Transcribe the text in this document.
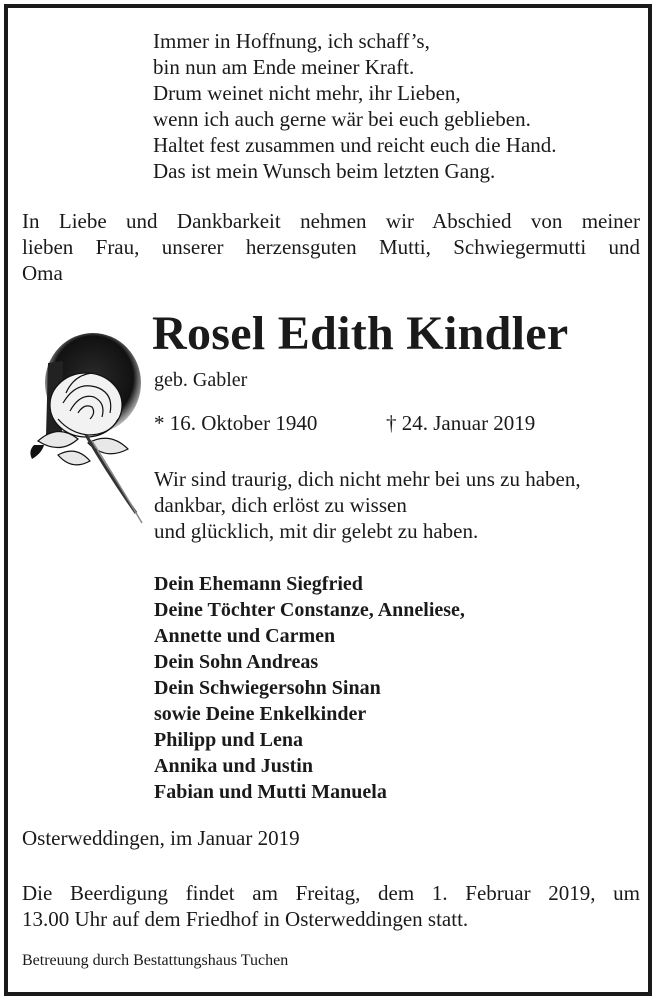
Immer in Hoffnung, ich schaff’s,
bin nun am Ende meiner Kraft.
Drum weinet nicht mehr, ihr Lieben,
wenn ich auch gerne wär bei euch geblieben.
Haltet fest zusammen und reicht euch die Hand.
Das ist mein Wunsch beim letzten Gang.
In Liebe und Dankbarkeit nehmen wir Abschied von meiner
lieben Frau, unserer herzensguten Mutti, Schwiegermutti und
Oma
Rosel Edith Kindler
geb. Gabler
* 16. Oktober 1940	† 24. Januar 2019
Wir sind traurig, dich nicht mehr bei uns zu haben,
dankbar, dich erlöst zu wissen
und glücklich, mit dir gelebt zu haben.
Dein Ehemann Siegfried
Deine Töchter Constanze, Anneliese,
Annette und Carmen
Dein Sohn Andreas
Dein Schwiegersohn Sinan
sowie Deine Enkelkinder
Philipp und Lena
Annika und Justin
Fabian und Mutti Manuela
Osterweddingen, im Januar 2019
Die Beerdigung findet am Freitag, dem 1. Februar 2019, um
13.00 Uhr auf dem Friedhof in Osterweddingen statt.
Betreuung durch Bestattungshaus Tuchen
